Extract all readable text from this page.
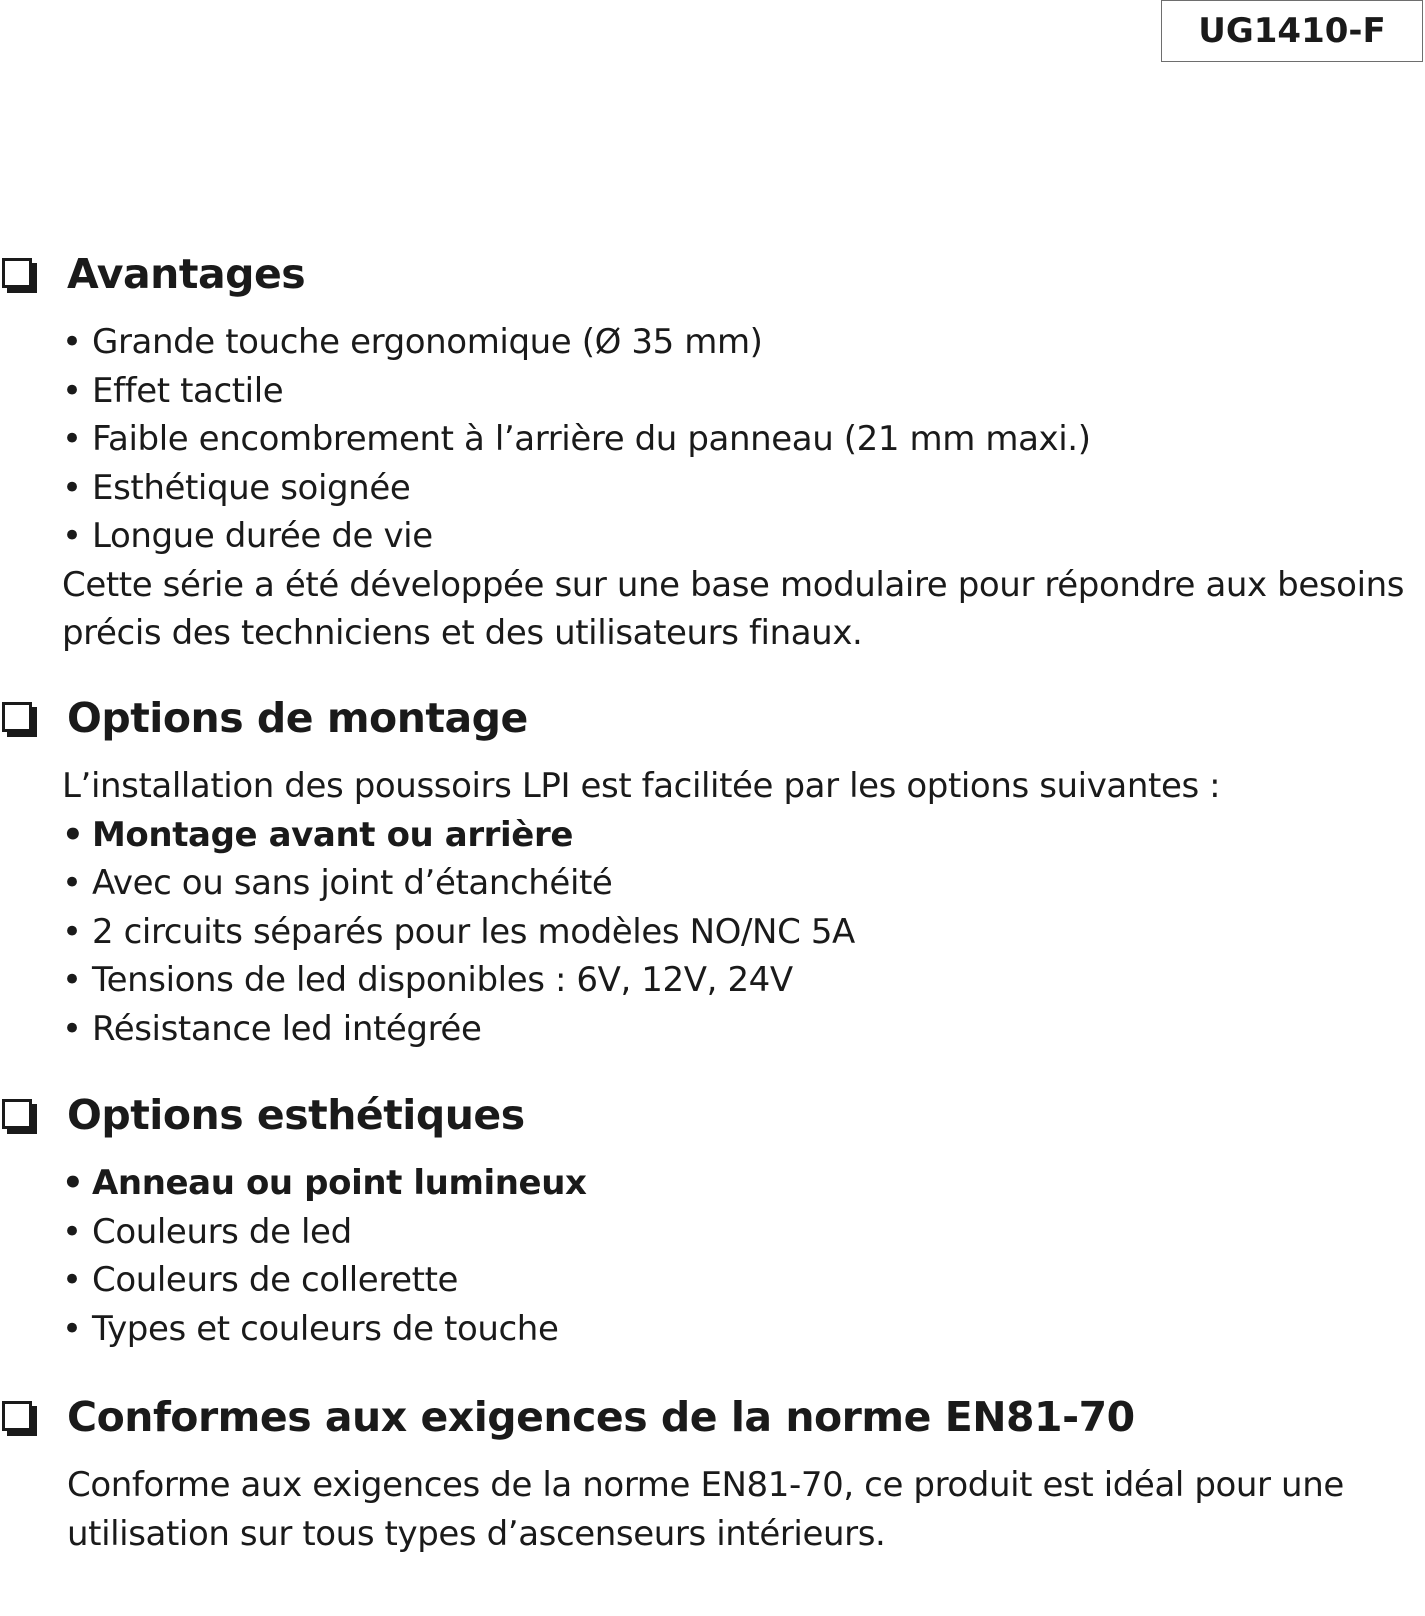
UG1410-F
Avantages
• Grande touche ergonomique (Ø 35 mm)
• Effet tactile
• Faible encombrement à l’arrière du panneau (21 mm maxi.)
• Esthétique soignée
• Longue durée de vie
Cette série a été développée sur une base modulaire pour répondre aux besoins
précis des techniciens et des utilisateurs finaux.
Options de montage
L’installation des poussoirs LPI est facilitée par les options suivantes :
• Montage avant ou arrière
• Avec ou sans joint d’étanchéité
• 2 circuits séparés pour les modèles NO/NC 5A
• Tensions de led disponibles : 6V, 12V, 24V
• Résistance led intégrée
Options esthétiques
• Anneau ou point lumineux
• Couleurs de led
• Couleurs de collerette
• Types et couleurs de touche
Conformes aux exigences de la norme EN81-70
Conforme aux exigences de la norme EN81-70, ce produit est idéal pour une
utilisation sur tous types d’ascenseurs intérieurs.
